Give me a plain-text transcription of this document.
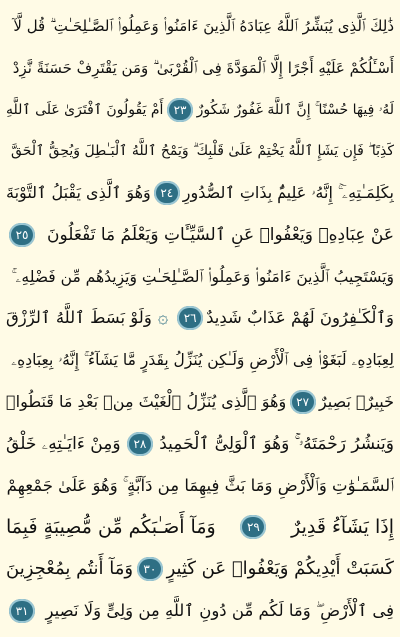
ذَٰلِكَ ٱلَّذِى يُبَشِّرُ ٱللَّهُ عِبَادَهُ ٱلَّذِينَ ءَامَنُوا۟ وَعَمِلُوا۟ ٱلصَّـٰلِحَـٰتِ ۗ قُل لَّآ
أَسْـَٔلُكُمْ عَلَيْهِ أَجْرًا إِلَّا ٱلْمَوَدَّةَ فِى ٱلْقُرْبَىٰ ۗ وَمَن يَقْتَرِفْ حَسَنَةً نَّزِدْ
لَهُۥ فِيهَا حُسْنًا ۚ إِنَّ ٱللَّهَ غَفُورٌ شَكُورٌ
٢٣
أَمْ يَقُولُونَ ٱفْتَرَىٰ عَلَى ٱللَّهِ
كَذِبًا ۖ فَإِن يَشَإِ ٱللَّهُ يَخْتِمْ عَلَىٰ قَلْبِكَ ۗ وَيَمْحُ ٱللَّهُ ٱلْبَـٰطِلَ وَيُحِقُّ ٱلْحَقَّ
بِكَلِمَـٰتِهِۦٓ ۚ إِنَّهُۥ عَلِيمٌۢ بِذَاتِ ٱلصُّدُورِ
٢٤
وَهُوَ ٱلَّذِى يَقْبَلُ ٱلتَّوْبَةَ
عَنْ عِبَادِهِۦ وَيَعْفُوا۟ عَنِ ٱلسَّيِّـَٔاتِ وَيَعْلَمُ مَا تَفْعَلُونَ
٢٥
وَيَسْتَجِيبُ ٱلَّذِينَ ءَامَنُوا۟ وَعَمِلُوا۟ ٱلصَّـٰلِحَـٰتِ وَيَزِيدُهُم مِّن فَضْلِهِۦ ۚ
وَٱلْكَـٰفِرُونَ لَهُمْ عَذَابٌ شَدِيدٌ
٢٦
۞
وَلَوْ بَسَطَ ٱللَّهُ ٱلرِّزْقَ
لِعِبَادِهِۦ لَبَغَوْا۟ فِى ٱلْأَرْضِ وَلَـٰكِن يُنَزِّلُ بِقَدَرٍ مَّا يَشَآءُ ۚ إِنَّهُۥ بِعِبَادِهِۦ
خَبِيرٌۢ بَصِيرٌ
٢٧
وَهُوَ ٱلَّذِى يُنَزِّلُ ٱلْغَيْثَ مِنۢ بَعْدِ مَا قَنَطُوا۟
وَيَنشُرُ رَحْمَتَهُۥ ۚ وَهُوَ ٱلْوَلِىُّ ٱلْحَمِيدُ
٢٨
وَمِنْ ءَايَـٰتِهِۦ خَلْقُ
ٱلسَّمَـٰوَٰتِ وَٱلْأَرْضِ وَمَا بَثَّ فِيهِمَا مِن دَآبَّةٍ ۚ وَهُوَ عَلَىٰ جَمْعِهِمْ
إِذَا يَشَآءُ قَدِيرٌ
٢٩
وَمَآ أَصَـٰبَكُم مِّن مُّصِيبَةٍ فَبِمَا
كَسَبَتْ أَيْدِيكُمْ وَيَعْفُوا۟ عَن كَثِيرٍ
٣٠
وَمَآ أَنتُم بِمُعْجِزِينَ
فِى ٱلْأَرْضِ ۖ وَمَا لَكُم مِّن دُونِ ٱللَّهِ مِن وَلِىٍّ وَلَا نَصِيرٍ
٣١
